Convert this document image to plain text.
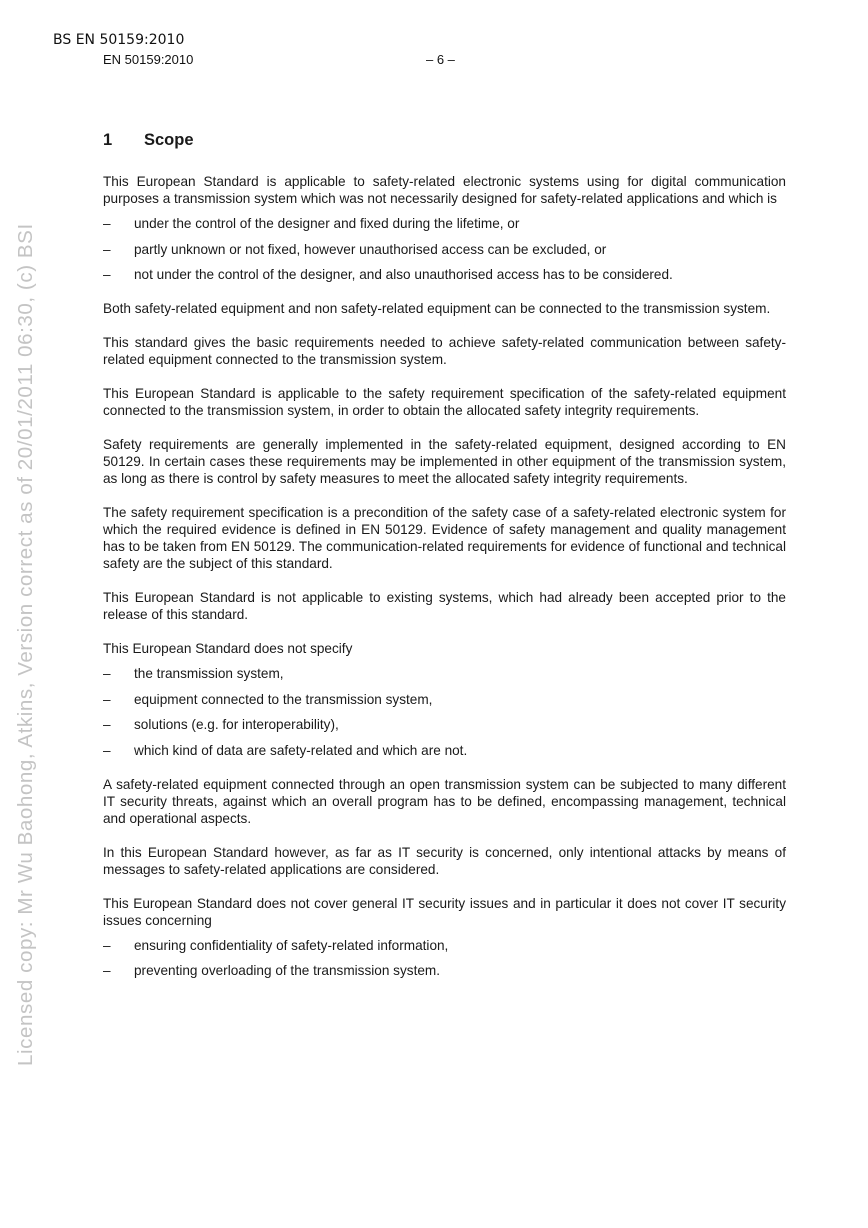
BS EN 50159:2010
EN 50159:2010	– 6 –
Licensed copy: Mr Wu Baohong, Atkins, Version correct as of 20/01/2011 06:30, (c) BSI
1	Scope

This European Standard is applicable to safety-related electronic systems using for digital communication purposes a transmission system which was not necessarily designed for safety-related applications and which is

–	under the control of the designer and fixed during the lifetime, or
–	partly unknown or not fixed, however unauthorised access can be excluded, or
–	not under the control of the designer, and also unauthorised access has to be considered.

Both safety-related equipment and non safety-related equipment can be connected to the transmission system.

This standard gives the basic requirements needed to achieve safety-related communication between safety-related equipment connected to the transmission system.

This European Standard is applicable to the safety requirement specification of the safety-related equipment connected to the transmission system, in order to obtain the allocated safety integrity requirements.

Safety requirements are generally implemented in the safety-related equipment, designed according to EN 50129. In certain cases these requirements may be implemented in other equipment of the transmission system, as long as there is control by safety measures to meet the allocated safety integrity requirements.

The safety requirement specification is a precondition of the safety case of a safety-related electronic system for which the required evidence is defined in EN 50129. Evidence of safety management and quality management has to be taken from EN 50129. The communication-related requirements for evidence of functional and technical safety are the subject of this standard.

This European Standard is not applicable to existing systems, which had already been accepted prior to the release of this standard.

This European Standard does not specify

–	the transmission system,
–	equipment connected to the transmission system,
–	solutions (e.g. for interoperability),
–	which kind of data are safety-related and which are not.

A safety-related equipment connected through an open transmission system can be subjected to many different IT security threats, against which an overall program has to be defined, encompassing management, technical and operational aspects.

In this European Standard however, as far as IT security is concerned, only intentional attacks by means of messages to safety-related applications are considered.

This European Standard does not cover general IT security issues and in particular it does not cover IT security issues concerning

–	ensuring confidentiality of safety-related information,
–	preventing overloading of the transmission system.
